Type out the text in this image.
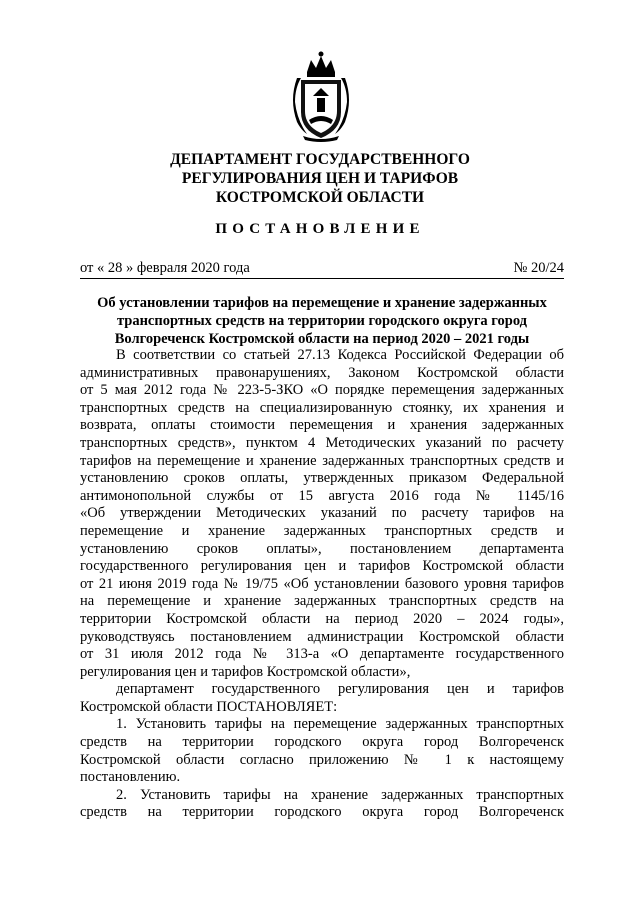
ДЕПАРТАМЕНТ ГОСУДАРСТВЕННОГО
РЕГУЛИРОВАНИЯ ЦЕН И ТАРИФОВ
КОСТРОМСКОЙ ОБЛАСТИ
ПОСТАНОВЛЕНИЕ
от « 28 » февраля 2020 года	№ 20/24
Об установлении тарифов на перемещение и хранение задержанных
транспортных средств на территории городского округа город
Волгореченск Костромской области на период 2020 – 2021 годы
В соответствии со статьей 27.13 Кодекса Российской Федерации об
административных правонарушениях, Законом Костромской области
от 5 мая 2012 года № 223-5-ЗКО «О порядке перемещения задержанных
транспортных средств на специализированную стоянку, их хранения и
возврата, оплаты стоимости перемещения и хранения задержанных
транспортных средств», пунктом 4 Методических указаний по расчету
тарифов на перемещение и хранение задержанных транспортных средств и
установлению сроков оплаты, утвержденных приказом Федеральной
антимонопольной службы от 15 августа 2016 года № 1145/16
«Об утверждении Методических указаний по расчету тарифов на
перемещение и хранение задержанных транспортных средств и
установлению сроков оплаты», постановлением департамента
государственного регулирования цен и тарифов Костромской области
от 21 июня 2019 года № 19/75 «Об установлении базового уровня тарифов
на перемещение и хранение задержанных транспортных средств на
территории Костромской области на период 2020 – 2024 годы»,
руководствуясь постановлением администрации Костромской области
от 31 июля 2012 года № 313-а «О департаменте государственного
регулирования цен и тарифов Костромской области»,
департамент государственного регулирования цен и тарифов
Костромской области ПОСТАНОВЛЯЕТ:
1. Установить тарифы на перемещение задержанных транспортных
средств на территории городского округа город Волгореченск
Костромской области согласно приложению № 1 к настоящему
постановлению.
2. Установить тарифы на хранение задержанных транспортных
средств на территории городского округа город Волгореченск
